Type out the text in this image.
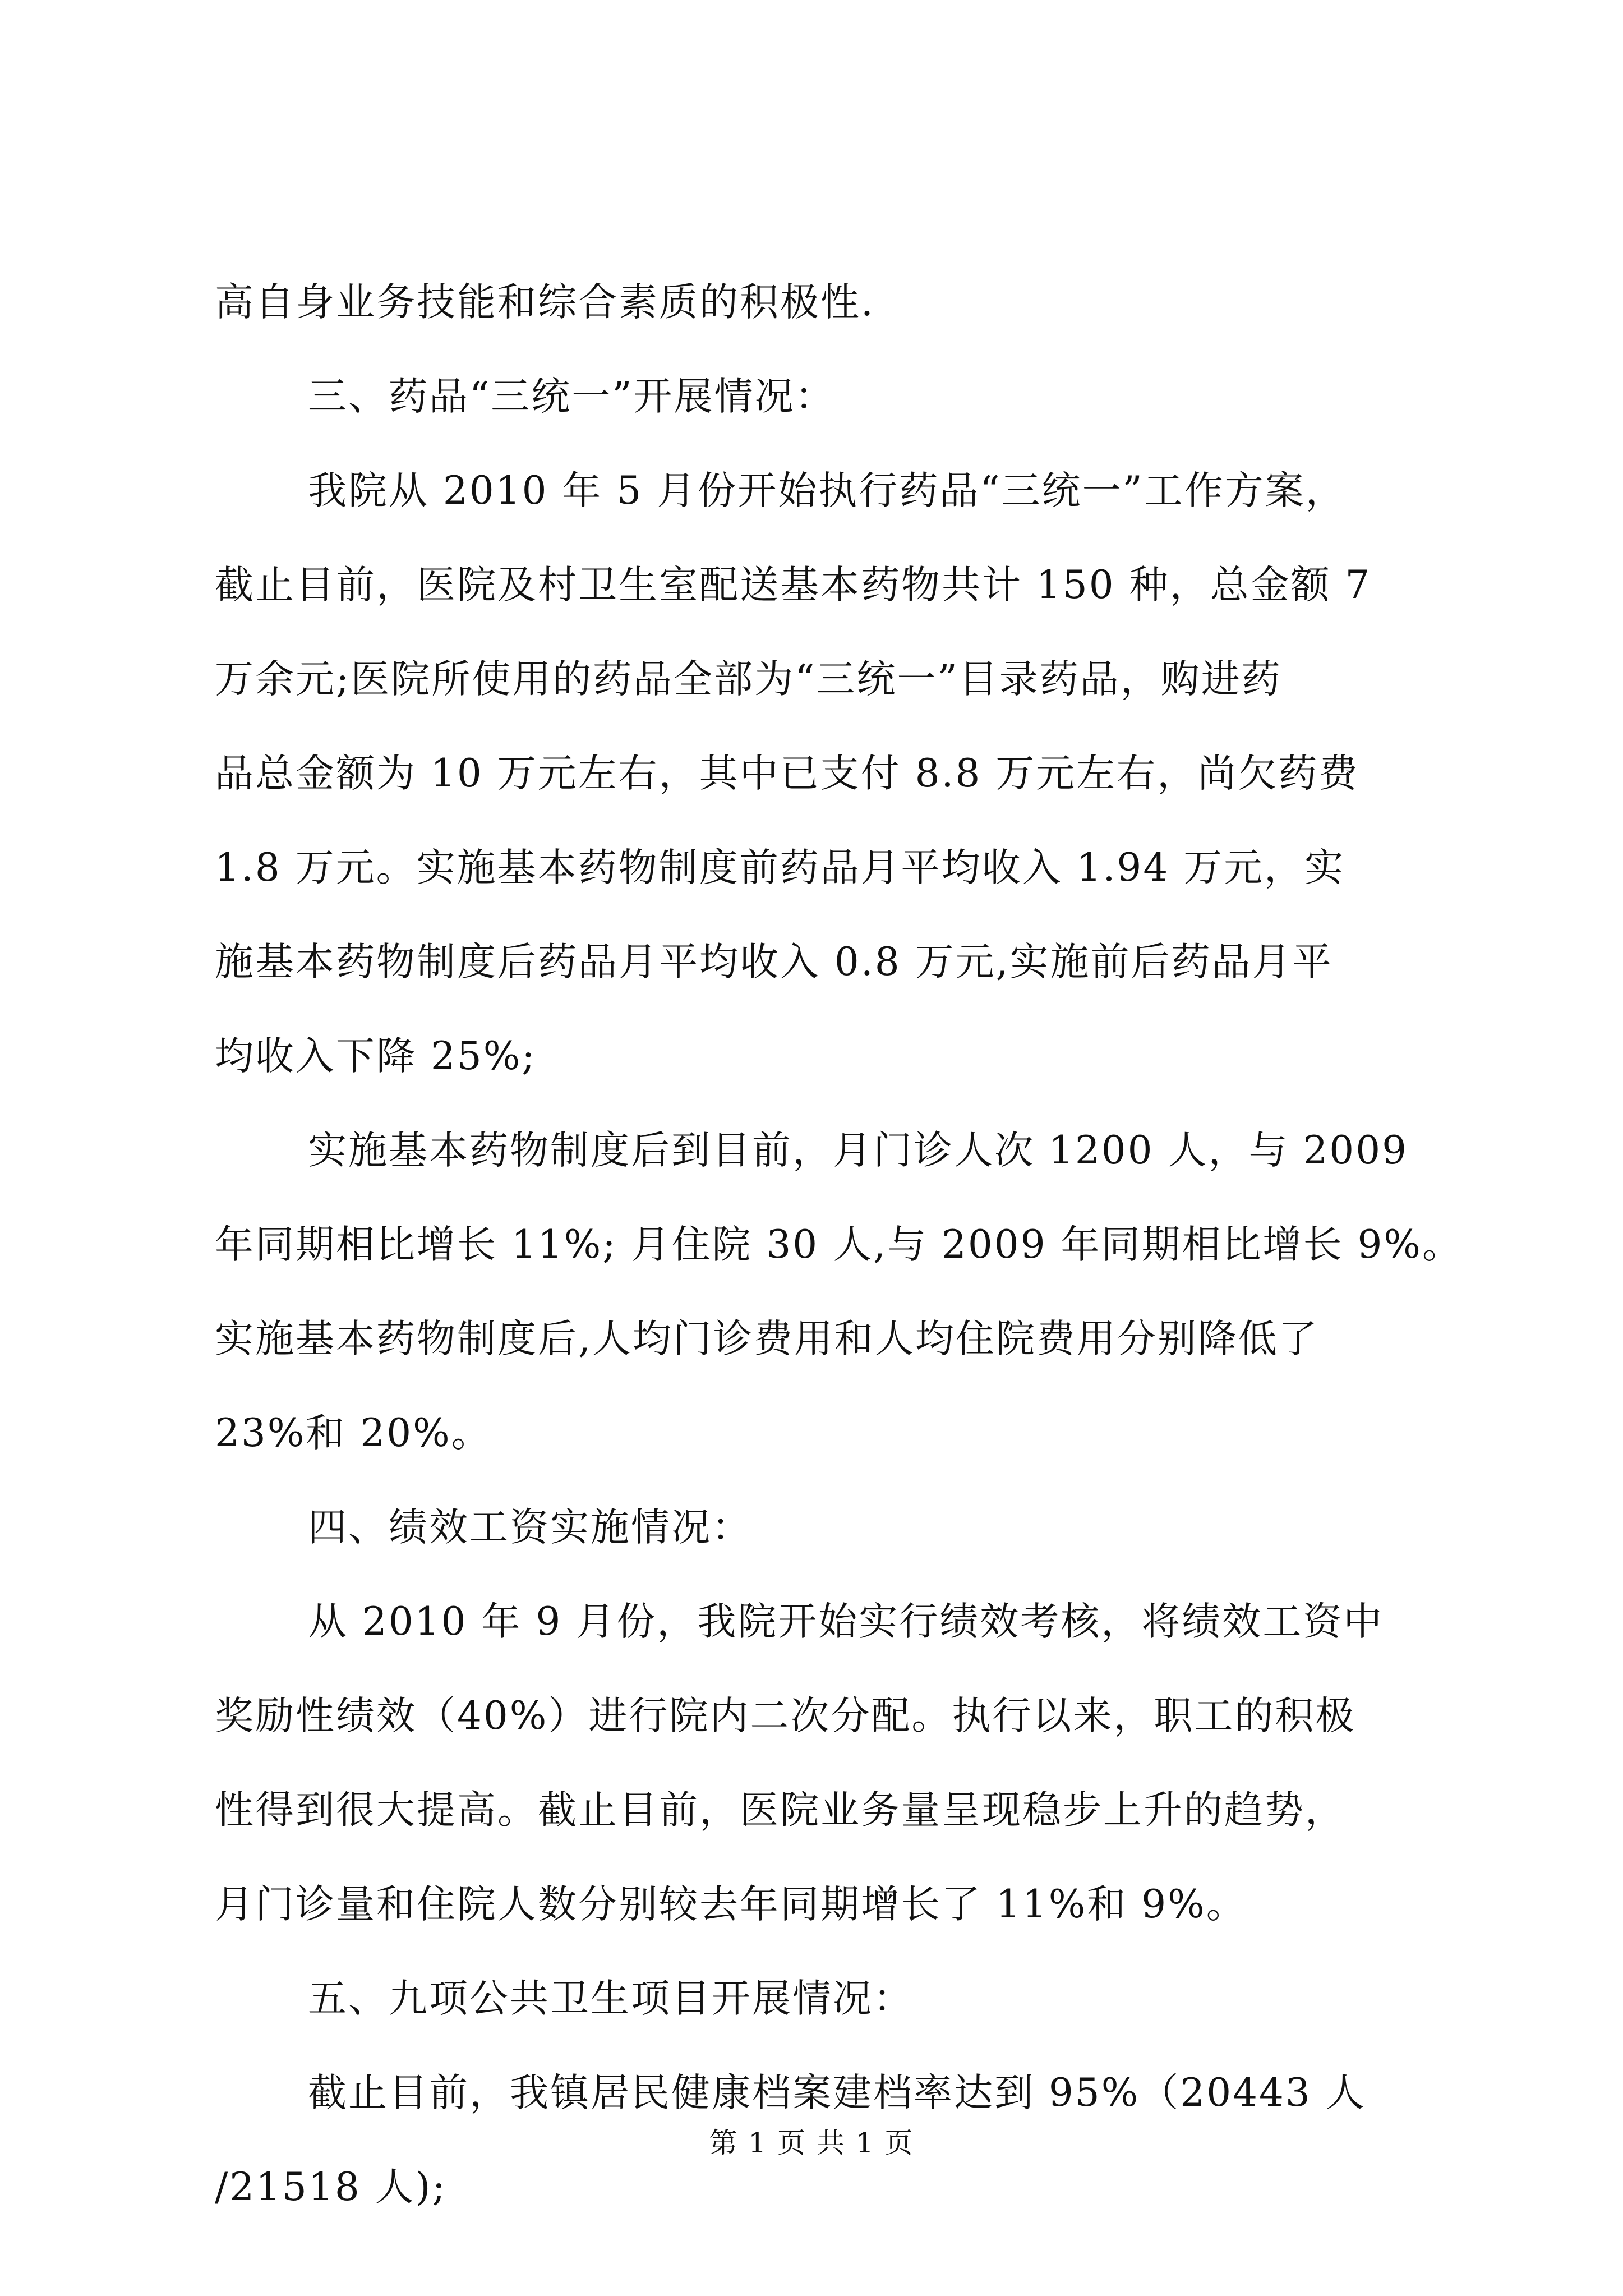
高自身业务技能和综合素质的积极性.
三、药品“三统一”开展情况：
我院从 2010 年 5 月份开始执行药品“三统一”工作方案，
截止目前，医院及村卫生室配送基本药物共计 150 种，总金额 7
万余元;医院所使用的药品全部为“三统一”目录药品，购进药
品总金额为 10 万元左右，其中已支付 8.8 万元左右，尚欠药费
1.8 万元。实施基本药物制度前药品月平均收入 1.94 万元，实
施基本药物制度后药品月平均收入 0.8 万元,实施前后药品月平
均收入下降 25%;
实施基本药物制度后到目前，月门诊人次 1200 人，与 2009
年同期相比增长 11%; 月住院 30 人,与 2009 年同期相比增长 9%。
实施基本药物制度后,人均门诊费用和人均住院费用分别降低了
23%和 20%。
四、绩效工资实施情况：
从 2010 年 9 月份，我院开始实行绩效考核，将绩效工资中
奖励性绩效（40%）进行院内二次分配。执行以来，职工的积极
性得到很大提高。截止目前，医院业务量呈现稳步上升的趋势，
月门诊量和住院人数分别较去年同期增长了 11%和 9%。
五、九项公共卫生项目开展情况：
截止目前，我镇居民健康档案建档率达到 95%（20443 人
/21518 人);
第 1 页 共 1 页
